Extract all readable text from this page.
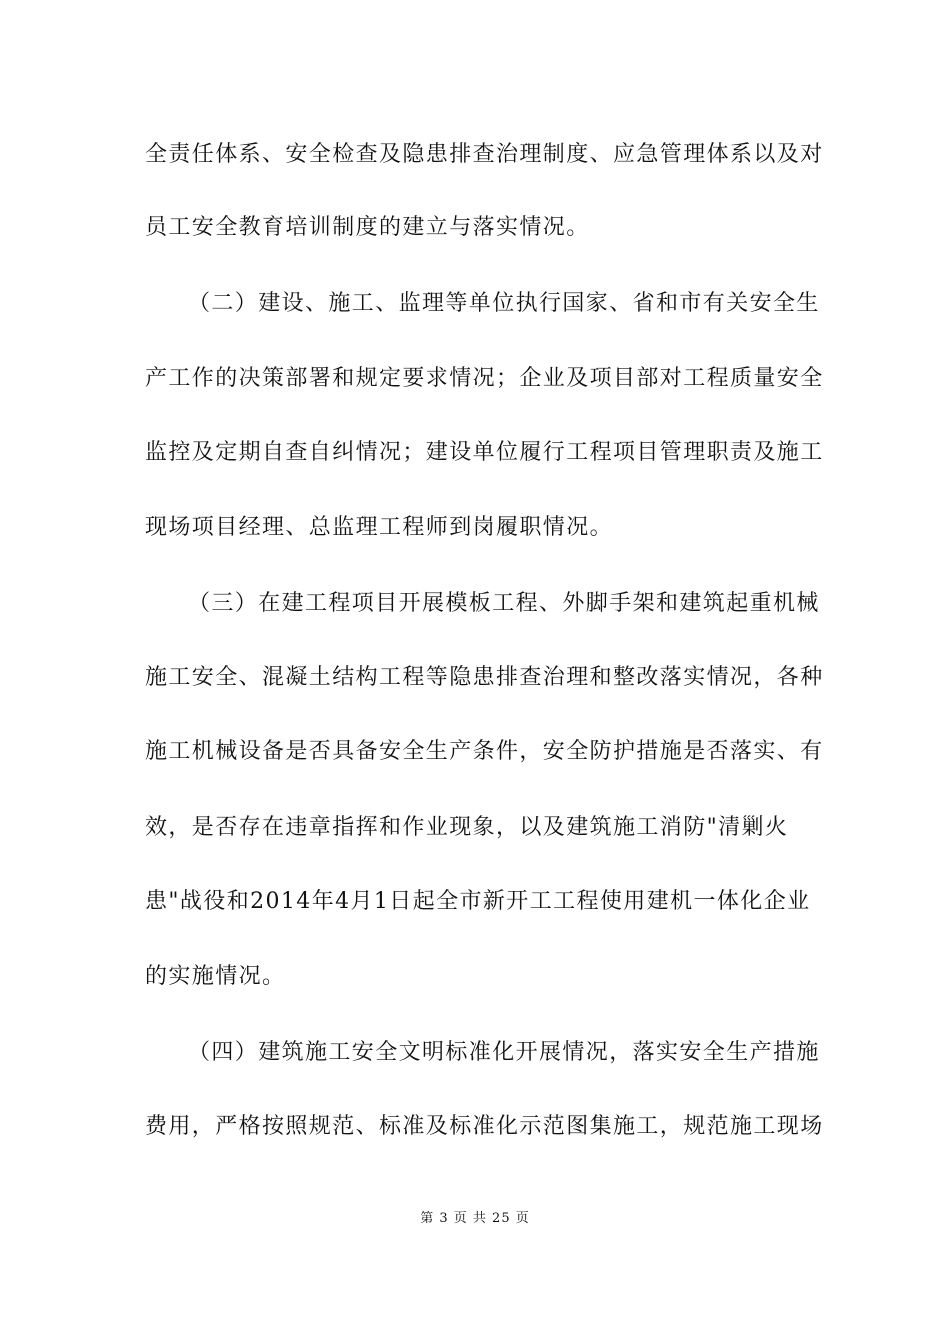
全责任体系、安全检查及隐患排查治理制度、应急管理体系以及对
员工安全教育培训制度的建立与落实情况。
（二）建设、施工、监理等单位执行国家、省和市有关安全生
产工作的决策部署和规定要求情况；企业及项目部对工程质量安全
监控及定期自查自纠情况；建设单位履行工程项目管理职责及施工
现场项目经理、总监理工程师到岗履职情况。
（三）在建工程项目开展模板工程、外脚手架和建筑起重机械
施工安全、混凝土结构工程等隐患排查治理和整改落实情况，各种
施工机械设备是否具备安全生产条件，安全防护措施是否落实、有
效，是否存在违章指挥和作业现象，以及建筑施工消防"清剿火
患"战役和2014年4月1日起全市新开工工程使用建机一体化企业
的实施情况。
（四）建筑施工安全文明标准化开展情况，落实安全生产措施
费用，严格按照规范、标准及标准化示范图集施工，规范施工现场
第 3 页 共 25 页
